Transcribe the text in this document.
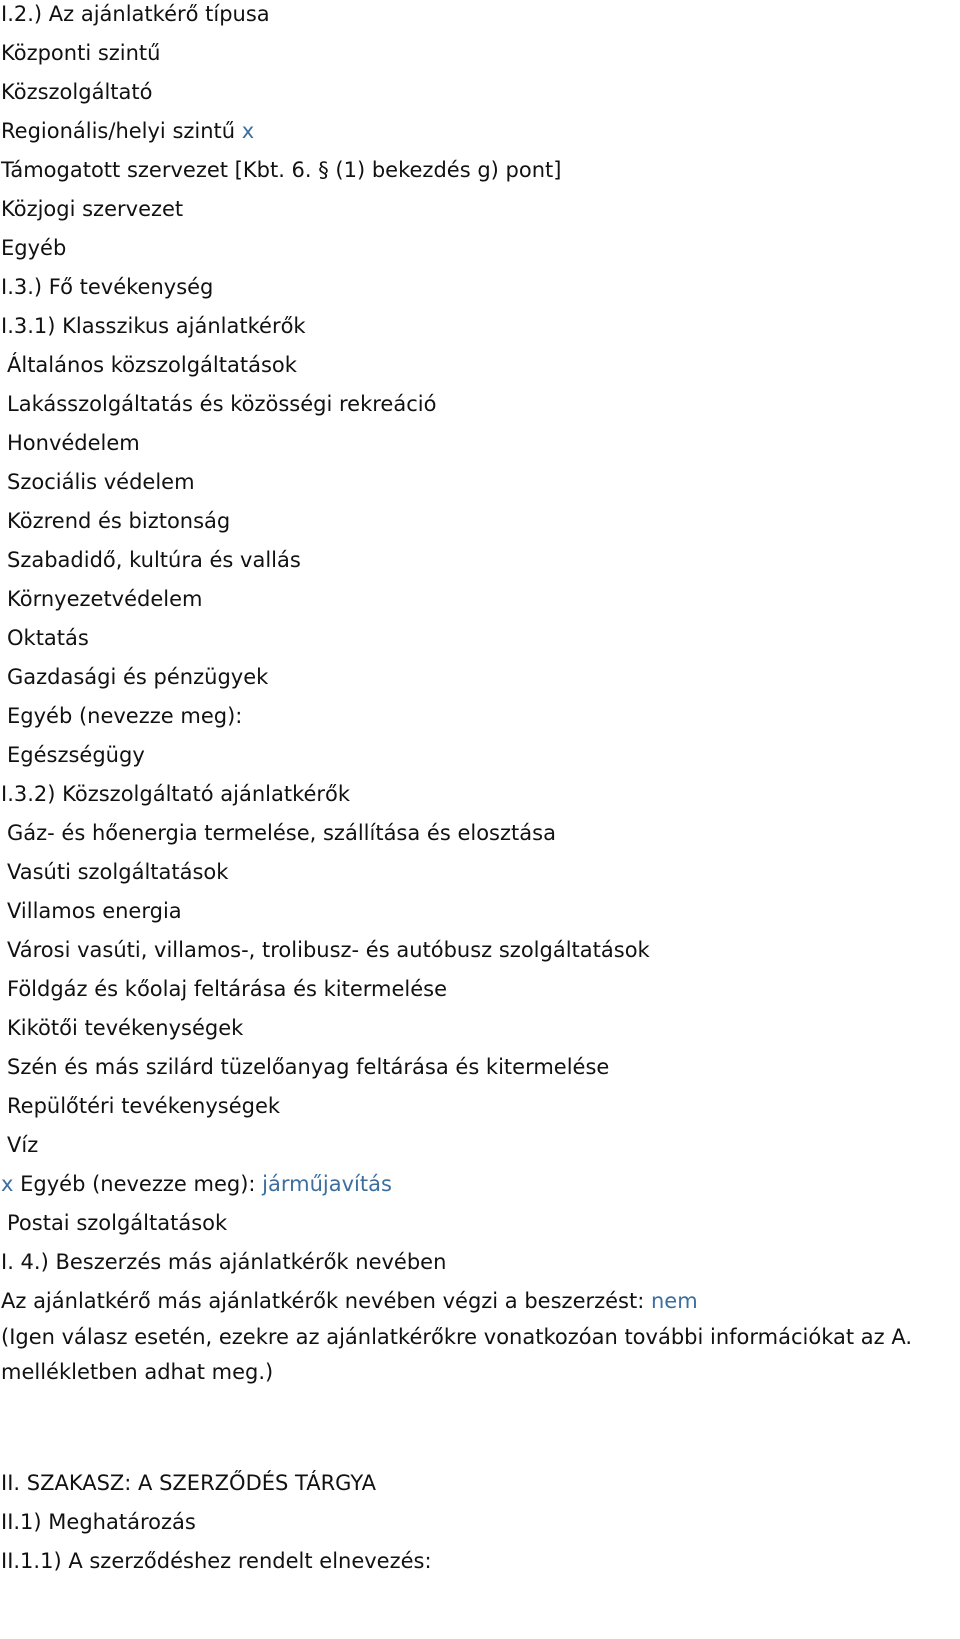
I.2.) Az ajánlatkérő típusa
Központi szintű
Közszolgáltató
Regionális/helyi szintű x
Támogatott szervezet [Kbt. 6. § (1) bekezdés g) pont]
Közjogi szervezet
Egyéb
I.3.) Fő tevékenység
I.3.1) Klasszikus ajánlatkérők
Általános közszolgáltatások
Lakásszolgáltatás és közösségi rekreáció
Honvédelem
Szociális védelem
Közrend és biztonság
Szabadidő, kultúra és vallás
Környezetvédelem
Oktatás
Gazdasági és pénzügyek
Egyéb (nevezze meg):
Egészségügy
I.3.2) Közszolgáltató ajánlatkérők
Gáz- és hőenergia termelése, szállítása és elosztása
Vasúti szolgáltatások
Villamos energia
Városi vasúti, villamos-, trolibusz- és autóbusz szolgáltatások
Földgáz és kőolaj feltárása és kitermelése
Kikötői tevékenységek
Szén és más szilárd tüzelőanyag feltárása és kitermelése
Repülőtéri tevékenységek
Víz
x Egyéb (nevezze meg): járműjavítás
Postai szolgáltatások
I. 4.) Beszerzés más ajánlatkérők nevében
Az ajánlatkérő más ajánlatkérők nevében végzi a beszerzést: nem
(Igen válasz esetén, ezekre az ajánlatkérőkre vonatkozóan további információkat az A. mellékletben adhat meg.)
II. SZAKASZ: A SZERZŐDÉS TÁRGYA
II.1) Meghatározás
II.1.1) A szerződéshez rendelt elnevezés:
